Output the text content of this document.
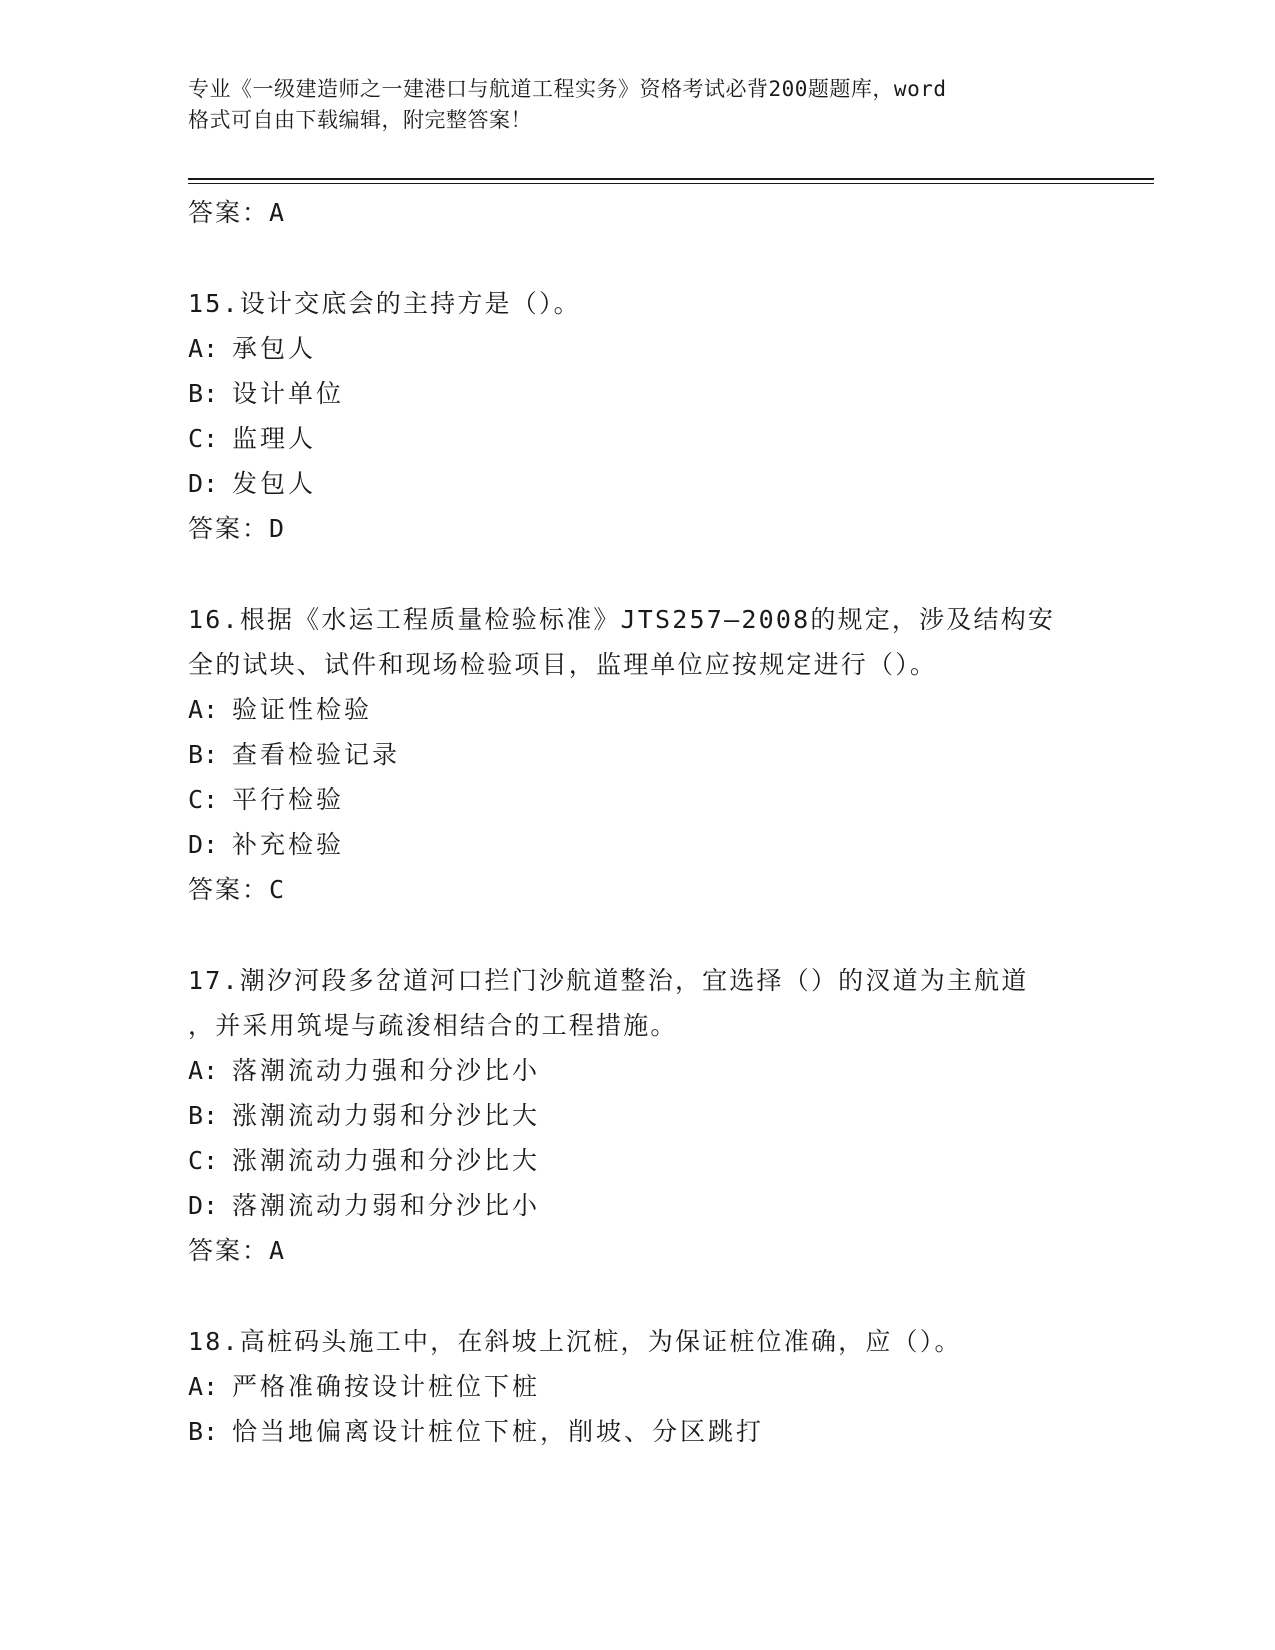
专业《一级建造师之一建港口与航道工程实务》资格考试必背200题题库，word
格式可自由下载编辑，附完整答案！
答案：A
15.设计交底会的主持方是（）。
A: 承包人
B: 设计单位
C: 监理人
D: 发包人
答案：D
16.根据《水运工程质量检验标准》JTS257—2008的规定，涉及结构安
全的试块、试件和现场检验项目，监理单位应按规定进行（）。
A: 验证性检验
B: 查看检验记录
C: 平行检验
D: 补充检验
答案：C
17.潮汐河段多岔道河口拦门沙航道整治，宜选择（）的汊道为主航道
，并采用筑堤与疏浚相结合的工程措施。
A: 落潮流动力强和分沙比小
B: 涨潮流动力弱和分沙比大
C: 涨潮流动力强和分沙比大
D: 落潮流动力弱和分沙比小
答案：A
18.高桩码头施工中，在斜坡上沉桩，为保证桩位准确，应（）。
A: 严格准确按设计桩位下桩
B: 恰当地偏离设计桩位下桩，削坡、分区跳打
